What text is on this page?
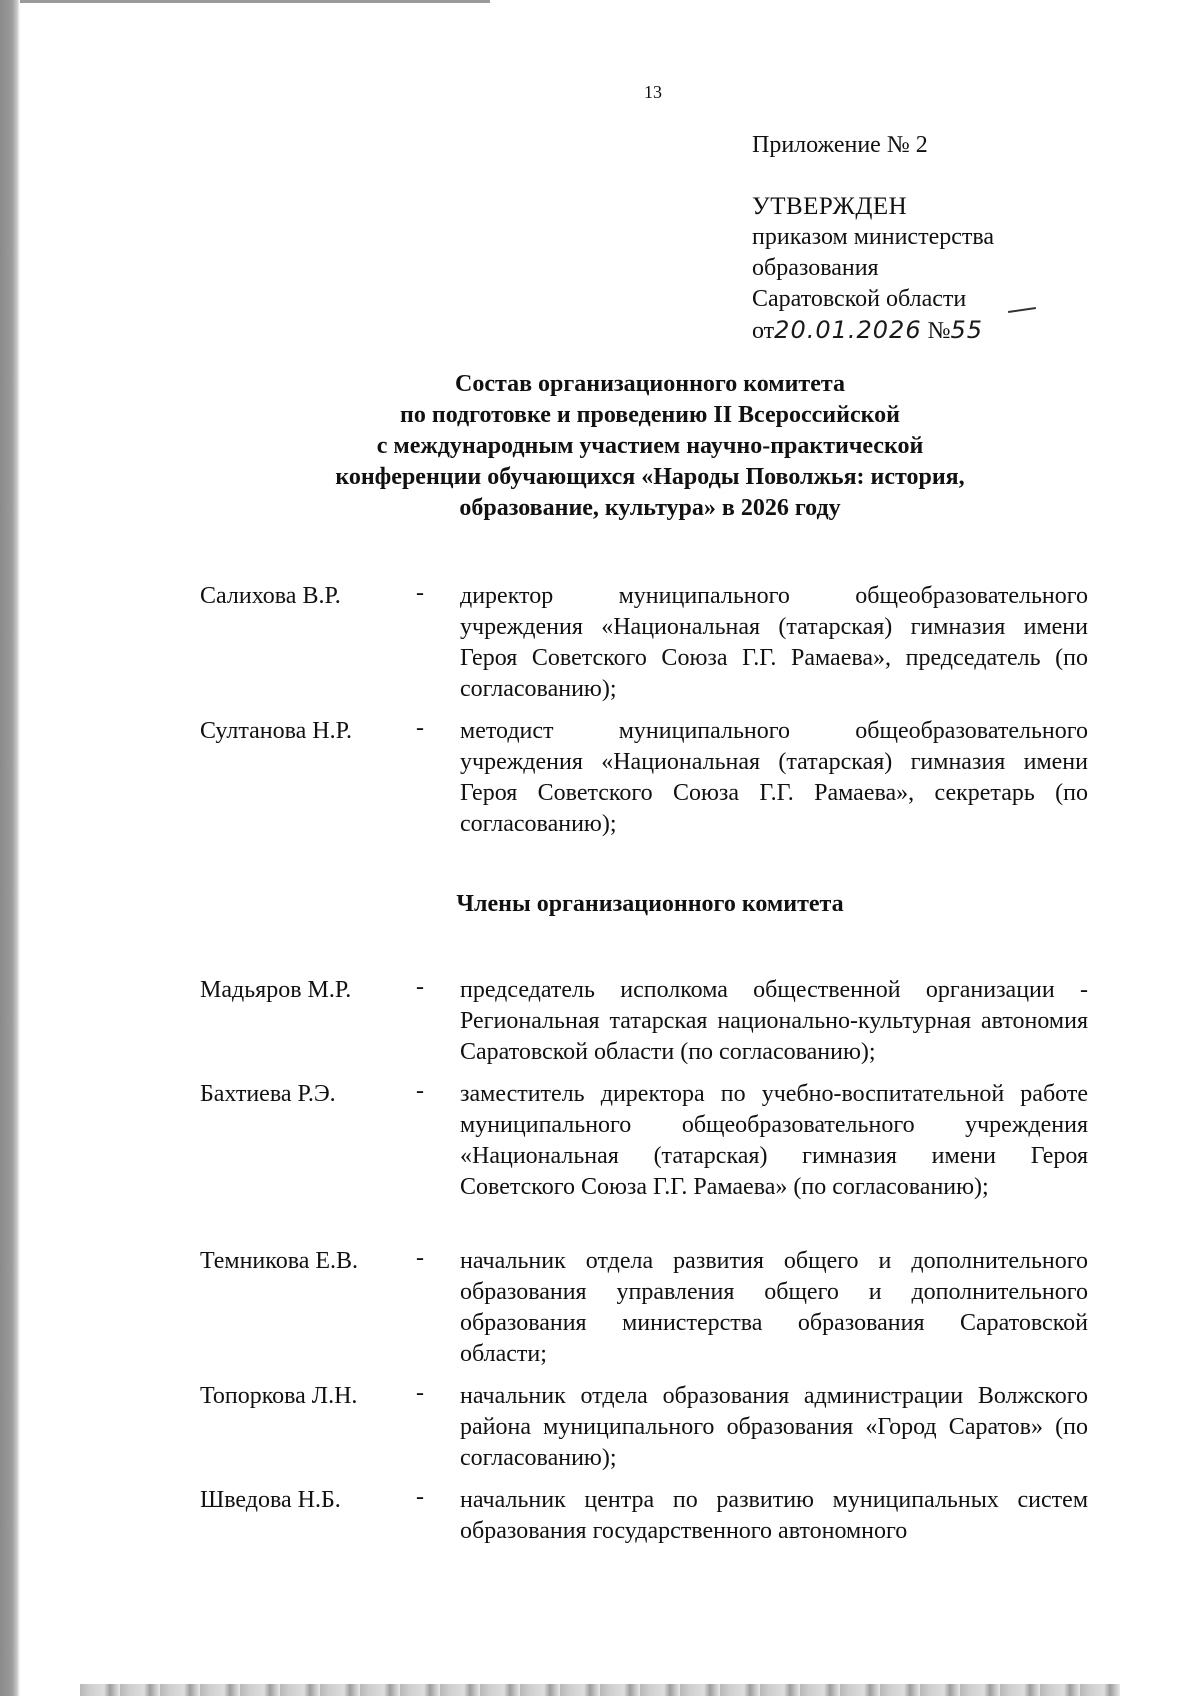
13
Приложение № 2
УТВЕРЖДЕН
приказом министерства
образования
Саратовской области
от20.01.2026 №55
Состав организационного комитета
по подготовке и проведению II Всероссийской
с международным участием научно-практической
конференции обучающихся «Народы Поволжья: история,
образование, культура» в 2026 году
Салихова В.Р.	- директор муниципального общеобразовательного учреждения «Национальная (татарская) гимназия имени Героя Советского Союза Г.Г. Рамаева», председатель (по согласованию);
Султанова Н.Р.	- методист муниципального общеобразовательного учреждения «Национальная (татарская) гимназия имени Героя Советского Союза Г.Г. Рамаева», секретарь (по согласованию);
Члены организационного комитета
Мадьяров М.Р.	- председатель исполкома общественной организации - Региональная татарская национально-культурная автономия Саратовской области (по согласованию);
Бахтиева Р.Э.	- заместитель директора по учебно-воспитательной работе муниципального общеобразовательного учреждения «Национальная (татарская) гимназия имени Героя Советского Союза Г.Г. Рамаева» (по согласованию);
Темникова Е.В. - начальник отдела развития общего и дополнительного образования управления общего и дополнительного образования министерства образования Саратовской области;
Топоркова Л.Н. - начальник отдела образования администрации Волжского района муниципального образования «Город Саратов» (по согласованию);
Шведова Н.Б.	- начальник центра по развитию муниципальных систем образования государственного автономного
